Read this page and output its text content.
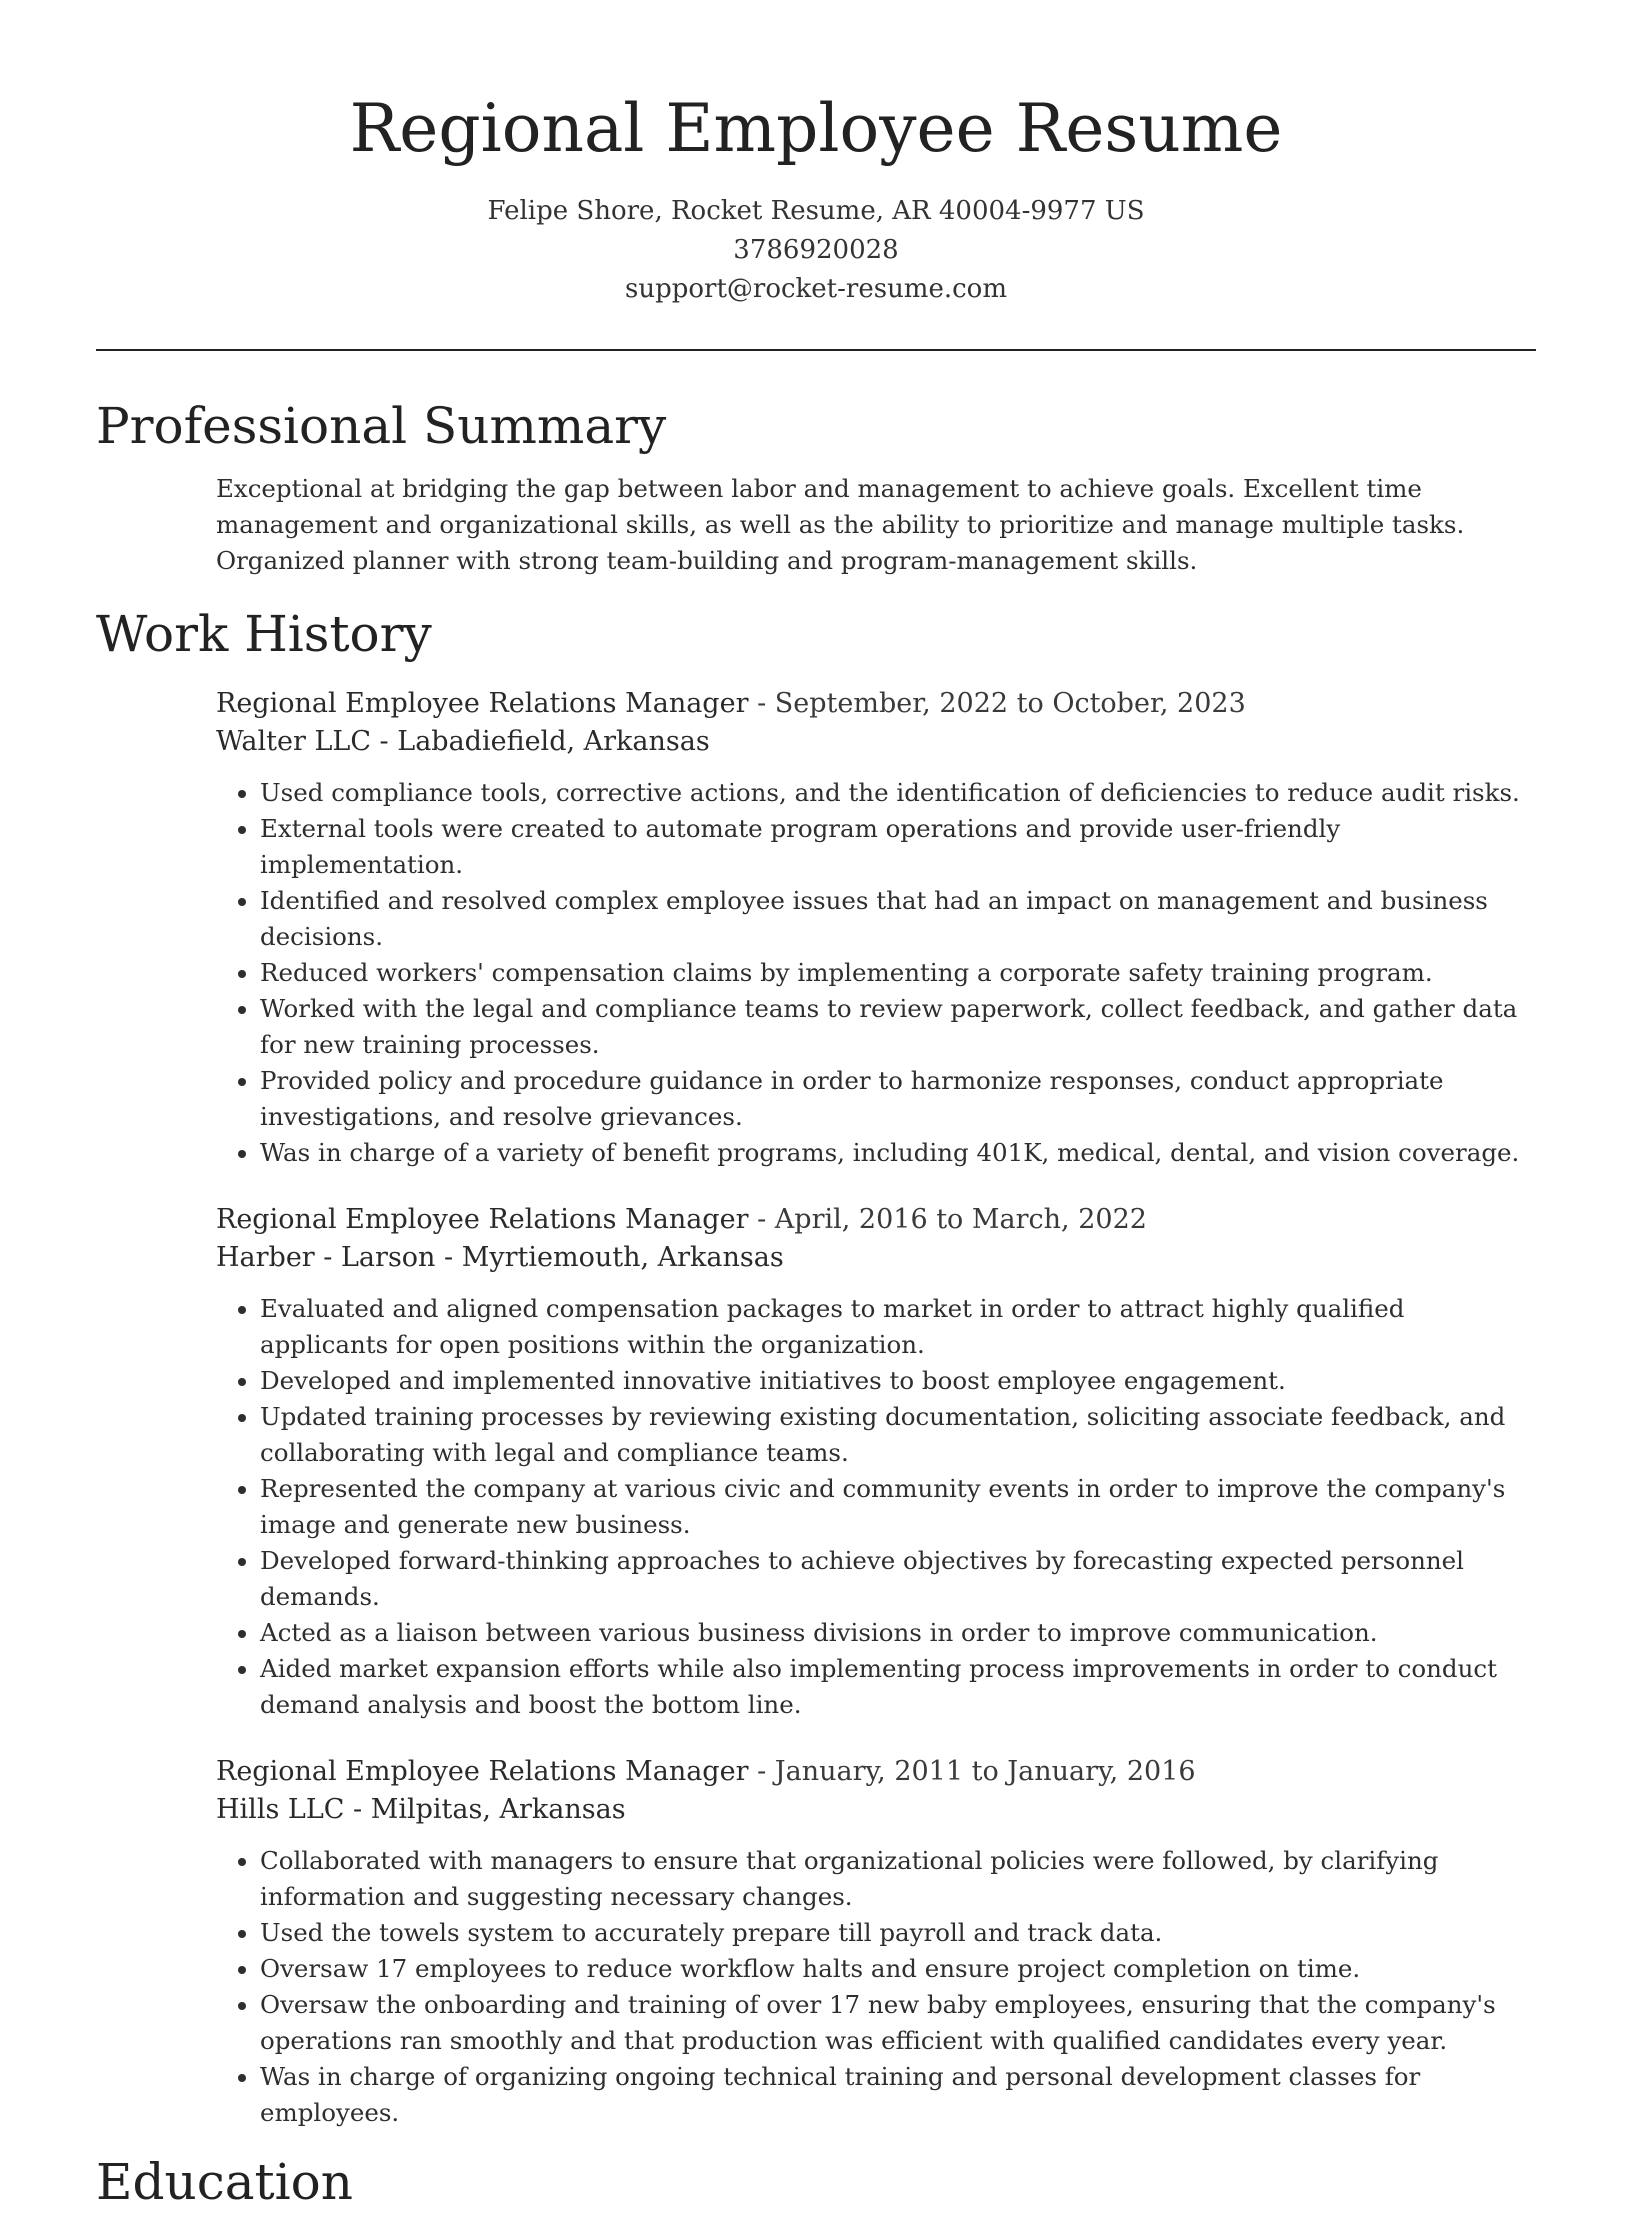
Regional Employee Resume

Felipe Shore, Rocket Resume, AR 40004-9977 US

3786920028

support@rocket-resume.com

Professional Summary

Exceptional at bridging the gap between labor and management to achieve goals. Excellent time management and organizational skills, as well as the ability to prioritize and manage multiple tasks. Organized planner with strong team-building and program-management skills.

Work History

Regional Employee Relations Manager - September, 2022 to October, 2023

Walter LLC - Labadiefield, Arkansas

• Used compliance tools, corrective actions, and the identification of deficiencies to reduce audit risks.
• External tools were created to automate program operations and provide user-friendly implementation.
• Identified and resolved complex employee issues that had an impact on management and business decisions.
• Reduced workers' compensation claims by implementing a corporate safety training program.
• Worked with the legal and compliance teams to review paperwork, collect feedback, and gather data for new training processes.
• Provided policy and procedure guidance in order to harmonize responses, conduct appropriate investigations, and resolve grievances.
• Was in charge of a variety of benefit programs, including 401K, medical, dental, and vision coverage.

Regional Employee Relations Manager - April, 2016 to March, 2022

Harber - Larson - Myrtiemouth, Arkansas

• Evaluated and aligned compensation packages to market in order to attract highly qualified applicants for open positions within the organization.
• Developed and implemented innovative initiatives to boost employee engagement.
• Updated training processes by reviewing existing documentation, soliciting associate feedback, and collaborating with legal and compliance teams.
• Represented the company at various civic and community events in order to improve the company's image and generate new business.
• Developed forward-thinking approaches to achieve objectives by forecasting expected personnel demands.
• Acted as a liaison between various business divisions in order to improve communication.
• Aided market expansion efforts while also implementing process improvements in order to conduct demand analysis and boost the bottom line.

Regional Employee Relations Manager - January, 2011 to January, 2016

Hills LLC - Milpitas, Arkansas

• Collaborated with managers to ensure that organizational policies were followed, by clarifying information and suggesting necessary changes.
• Used the towels system to accurately prepare till payroll and track data.
• Oversaw 17 employees to reduce workflow halts and ensure project completion on time.
• Oversaw the onboarding and training of over 17 new baby employees, ensuring that the company's operations ran smoothly and that production was efficient with qualified candidates every year.
• Was in charge of organizing ongoing technical training and personal development classes for employees.
Education
